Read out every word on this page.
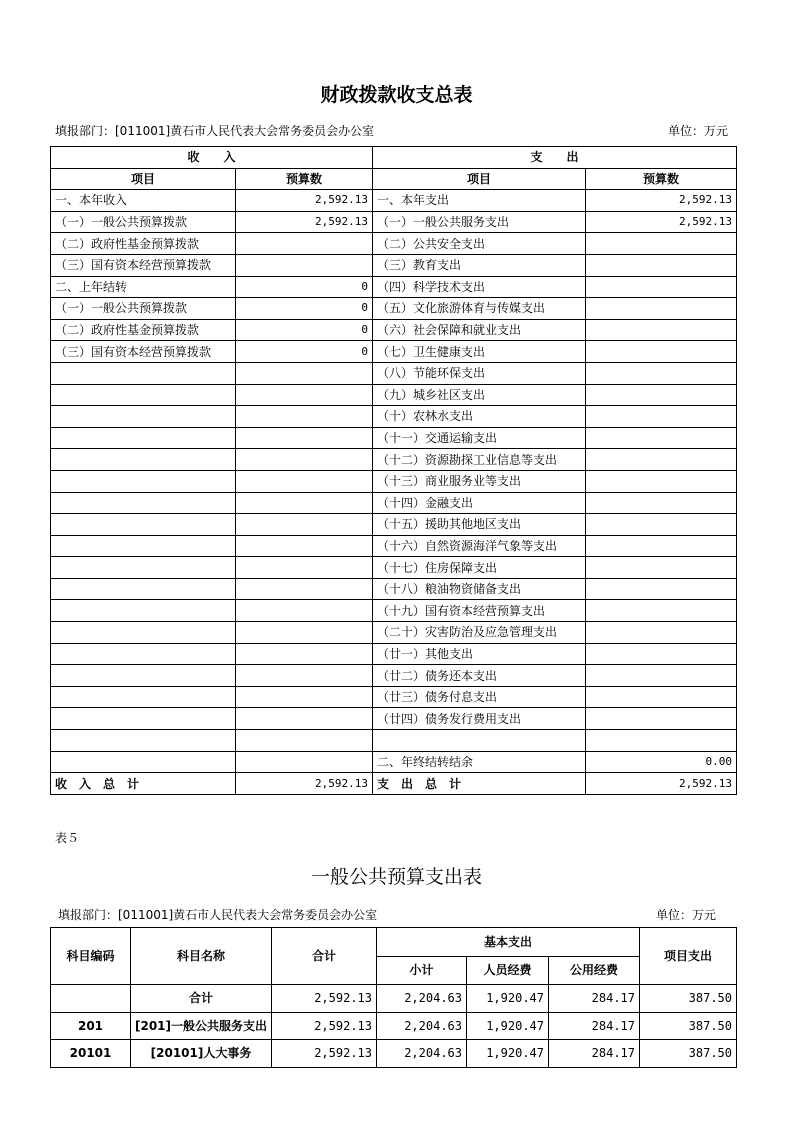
财政拨款收支总表
填报部门：[011001]黄石市人民代表大会常务委员会办公室	单位：万元
收　　入		支　　出	
项目	预算数	项目	预算数
一、本年收入	2,592.13	一、本年支出	2,592.13
（一）一般公共预算拨款	2,592.13	（一）一般公共服务支出	2,592.13
（二）政府性基金预算拨款		（二）公共安全支出	
（三）国有资本经营预算拨款		（三）教育支出	
二、上年结转	0	（四）科学技术支出	
（一）一般公共预算拨款	0	（五）文化旅游体育与传媒支出	
（二）政府性基金预算拨款	0	（六）社会保障和就业支出	
（三）国有资本经营预算拨款	0	（七）卫生健康支出	
		（八）节能环保支出	
		（九）城乡社区支出	
		（十）农林水支出	
		（十一）交通运输支出	
		（十二）资源勘探工业信息等支出	
		（十三）商业服务业等支出	
		（十四）金融支出	
		（十五）援助其他地区支出	
		（十六）自然资源海洋气象等支出	
		（十七）住房保障支出	
		（十八）粮油物资储备支出	
		（十九）国有资本经营预算支出	
		（二十）灾害防治及应急管理支出	
		（廿一）其他支出	
		（廿二）债务还本支出	
		（廿三）债务付息支出	
		（廿四）债务发行费用支出	

		二、年终结转结余	0.00
收　入　总　计	2,592.13	支　出　总　计	2,592.13
表５
一般公共预算支出表
填报部门：[011001]黄石市人民代表大会常务委员会办公室	单位：万元
科目编码	科目名称	合计	基本支出			项目支出
			小计	人员经费	公用经费	
	合计	2,592.13	2,204.63	1,920.47	284.17	387.50
201	[201]一般公共服务支出	2,592.13	2,204.63	1,920.47	284.17	387.50
20101	[20101]人大事务	2,592.13	2,204.63	1,920.47	284.17	387.50
